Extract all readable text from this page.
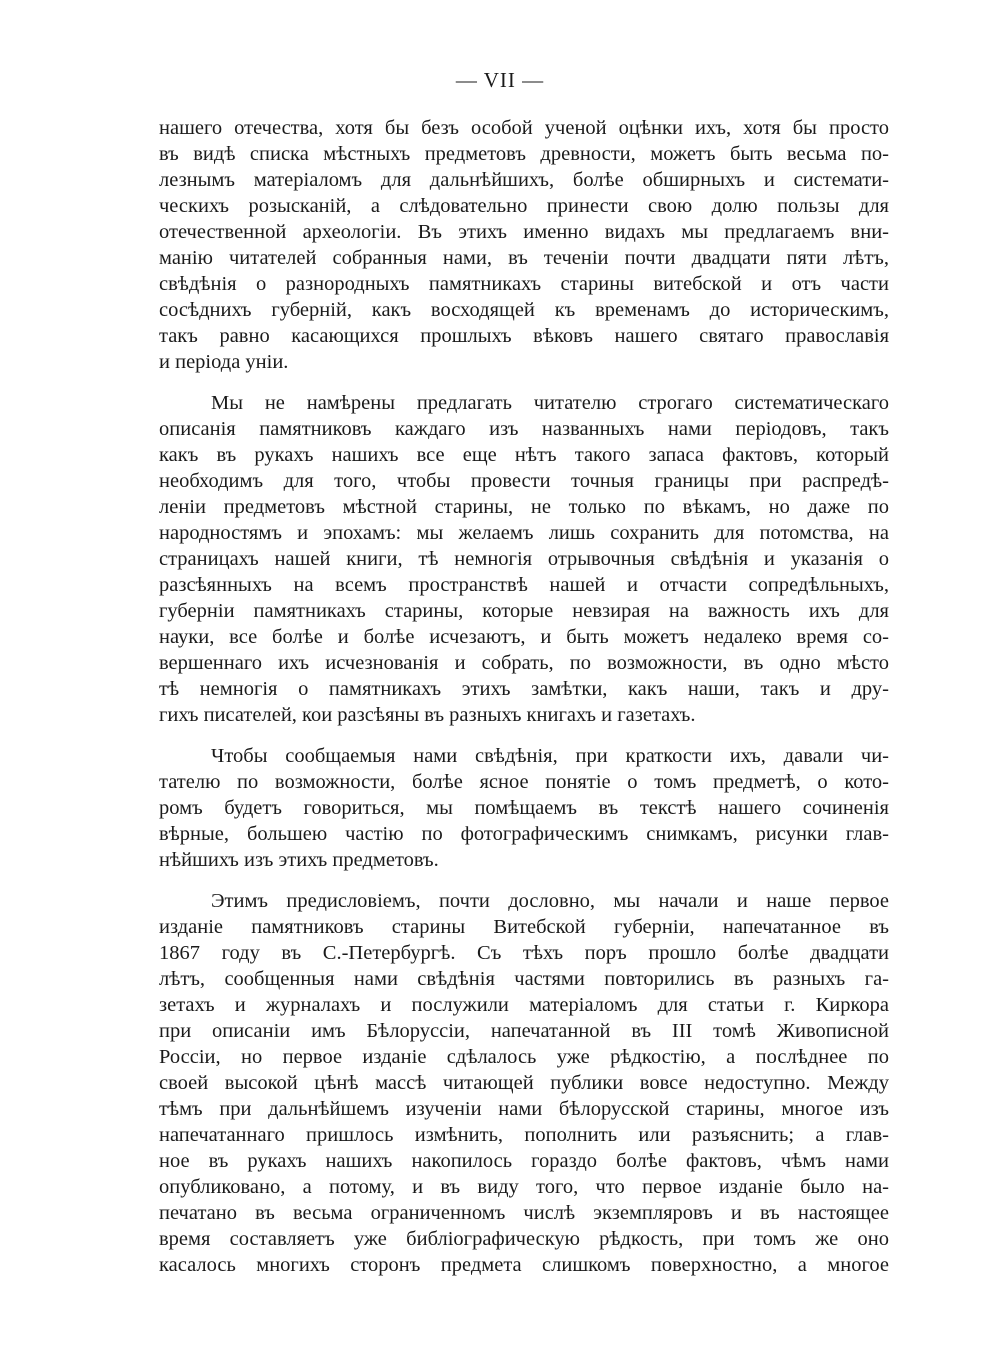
— VII —
нашего отечества, хотя бы безъ особой ученой оцѣнки ихъ, хотя бы просто
въ видѣ списка мѣстныхъ предметовъ древности, можетъ быть весьма по-
лезнымъ матеріаломъ для дальнѣйшихъ, болѣе обширныхъ и системати-
ческихъ розысканій, а слѣдовательно принести свою долю пользы для
отечественной археологіи. Въ этихъ именно видахъ мы предлагаемъ вни-
манію читателей собранныя нами, въ теченіи почти двадцати пяти лѣтъ,
свѣдѣнія о разнородныхъ памятникахъ старины витебской и отъ части
сосѣднихъ губерній, какъ восходящей къ временамъ до историческимъ,
такъ равно касающихся прошлыхъ вѣковъ нашего святаго православія
и періода уніи.
Мы не намѣрены предлагать читателю строгаго систематическаго
описанія памятниковъ каждаго изъ названныхъ нами періодовъ, такъ
какъ въ рукахъ нашихъ все еще нѣтъ такого запаса фактовъ, который
необходимъ для того, чтобы провести точныя границы при распредѣ-
леніи предметовъ мѣстной старины, не только по вѣкамъ, но даже по
народностямъ и эпохамъ: мы желаемъ лишь сохранить для потомства, на
страницахъ нашей книги, тѣ немногія отрывочныя свѣдѣнія и указанія о
разсѣянныхъ на всемъ пространствѣ нашей и отчасти сопредѣльныхъ,
губерніи памятникахъ старины, которые невзирая на важность ихъ для
науки, все болѣе и болѣе исчезаютъ, и быть можетъ недалеко время со-
вершеннаго ихъ исчезнованія и собрать, по возможности, въ одно мѣсто
тѣ немногія о памятникахъ этихъ замѣтки, какъ наши, такъ и дру-
гихъ писателей, кои разсѣяны въ разныхъ книгахъ и газетахъ.
Чтобы сообщаемыя нами свѣдѣнія, при краткости ихъ, давали чи-
тателю по возможности, болѣе ясное понятіе о томъ предметѣ, о кото-
ромъ будетъ говориться, мы помѣщаемъ въ текстѣ нашего сочиненія
вѣрные, большею частію по фотографическимъ снимкамъ, рисунки глав-
нѣйшихъ изъ этихъ предметовъ.
Этимъ предисловіемъ, почти дословно, мы начали и наше первое
изданіе памятниковъ старины Витебской губерніи, напечатанное въ
1867 году въ С.-Петербургѣ. Съ тѣхъ поръ прошло болѣе двадцати
лѣтъ, сообщенныя нами свѣдѣнія частями повторились въ разныхъ га-
зетахъ и журналахъ и послужили матеріаломъ для статьи г. Киркора
при описаніи имъ Бѣлоруссіи, напечатанной въ III томѣ Живописной
Россіи, но первое изданіе сдѣлалось уже рѣдкостію, а послѣднее по
своей высокой цѣнѣ массѣ читающей публики вовсе недоступно. Между
тѣмъ при дальнѣйшемъ изученіи нами бѣлорусской старины, многое изъ
напечатаннаго пришлось измѣнить, пополнить или разъяснить; а глав-
ное въ рукахъ нашихъ накопилось гораздо болѣе фактовъ, чѣмъ нами
опубликовано, а потому, и въ виду того, что первое изданіе было на-
печатано въ весьма ограниченномъ числѣ экземпляровъ и въ настоящее
время составляетъ уже библіографическую рѣдкость, при томъ же оно
касалось многихъ сторонъ предмета слишкомъ поверхностно, а многое
